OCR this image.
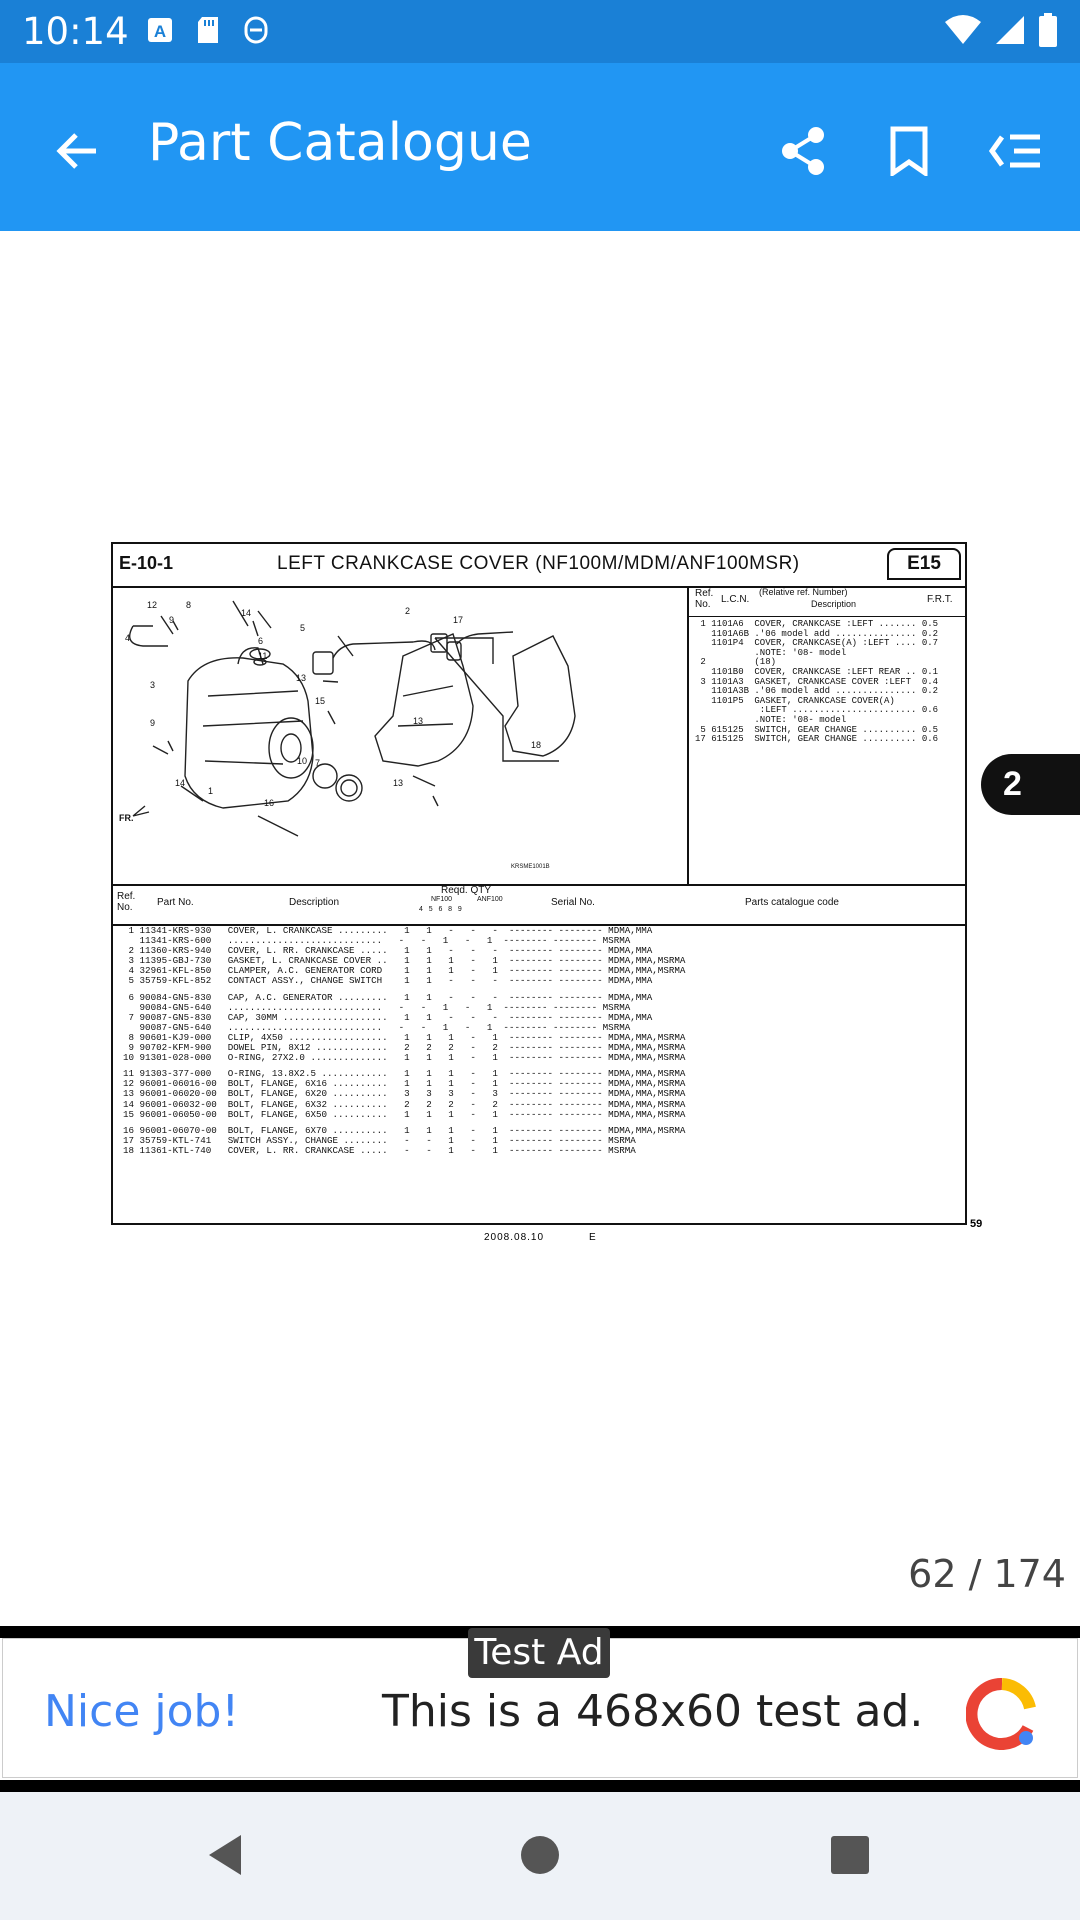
10:14 A
Part Catalogue
E-10-1	LEFT CRANKCASE COVER (NF100M/MDM/ANF100MSR)	E15
12	8
14
9
4	6
11
3
9
5
2
17
13
15
10 7
14
1
16
13
13
18
FR.
KRSME1001B
Ref.
No. L.C.N.
(Relative ref. Number)
Description	F.R.T.
1 1101A6  COVER, CRANKCASE :LEFT ....... 0.5
1101A6B .'06 model add ............... 0.2
1101P4  COVER, CRANKCASE(A) :LEFT .... 0.7
.NOTE: '08- model
2         (18)
1101B0  COVER, CRANKCASE :LEFT REAR .. 0.1
3 1101A3  GASKET, CRANKCASE COVER :LEFT  0.4
1101A3B .'06 model add ............... 0.2
1101P5  GASKET, CRANKCASE COVER(A)
:LEFT ....................... 0.6
.NOTE: '08- model
5 615125  SWITCH, GEAR CHANGE .......... 0.5
17 615125  SWITCH, GEAR CHANGE .......... 0.6
Ref.
No. Part No.	Description
Reqd. QTY
NF100	ANF100
4   5   6   8   9
Serial No.	Parts catalogue code
1 11341-KRS-930   COVER, L. CRANKCASE .........   1   1   -   -   -  -------- -------- MDMA,MMA
11341-KRS-600   ............................   -   -   1   -   1  -------- -------- MSRMA
2 11360-KRS-940   COVER, L. RR. CRANKCASE .....   1   1   -   -   -  -------- -------- MDMA,MMA
3 11395-GBJ-730   GASKET, L. CRANKCASE COVER ..   1   1   1   -   1  -------- -------- MDMA,MMA,MSRMA
4 32961-KFL-850   CLAMPER, A.C. GENERATOR CORD    1   1   1   -   1  -------- -------- MDMA,MMA,MSRMA
5 35759-KFL-852   CONTACT ASSY., CHANGE SWITCH    1   1   -   -   -  -------- -------- MDMA,MMA

6 90084-GN5-830   CAP, A.C. GENERATOR .........   1   1   -   -   -  -------- -------- MDMA,MMA
90084-GN5-640   ............................   -   -   1   -   1  -------- -------- MSRMA
7 90087-GN5-830   CAP, 30MM ...................   1   1   -   -   -  -------- -------- MDMA,MMA
90087-GN5-640   ............................   -   -   1   -   1  -------- -------- MSRMA
8 90601-KJ9-000   CLIP, 4X50 ..................   1   1   1   -   1  -------- -------- MDMA,MMA,MSRMA
9 90702-KFM-900   DOWEL PIN, 8X12 .............   2   2   2   -   2  -------- -------- MDMA,MMA,MSRMA
10 91301-028-000   O-RING, 27X2.0 ..............   1   1   1   -   1  -------- -------- MDMA,MMA,MSRMA

11 91303-377-000   O-RING, 13.8X2.5 ............   1   1   1   -   1  -------- -------- MDMA,MMA,MSRMA
12 96001-06016-00  BOLT, FLANGE, 6X16 ..........   1   1   1   -   1  -------- -------- MDMA,MMA,MSRMA
13 96001-06020-00  BOLT, FLANGE, 6X20 ..........   3   3   3   -   3  -------- -------- MDMA,MMA,MSRMA
14 96001-06032-00  BOLT, FLANGE, 6X32 ..........   2   2   2   -   2  -------- -------- MDMA,MMA,MSRMA
15 96001-06050-00  BOLT, FLANGE, 6X50 ..........   1   1   1   -   1  -------- -------- MDMA,MMA,MSRMA

16 96001-06070-00  BOLT, FLANGE, 6X70 ..........   1   1   1   -   1  -------- -------- MDMA,MMA,MSRMA
17 35759-KTL-741   SWITCH ASSY., CHANGE ........   -   -   1   -   1  -------- -------- MSRMA
18 11361-KTL-740   COVER, L. RR. CRANKCASE .....   -   -   1   -   1  -------- -------- MSRMA
59
2008.08.10	E
2
62 / 174
Test Ad
Nice job!	This is a 468x60 test ad.
